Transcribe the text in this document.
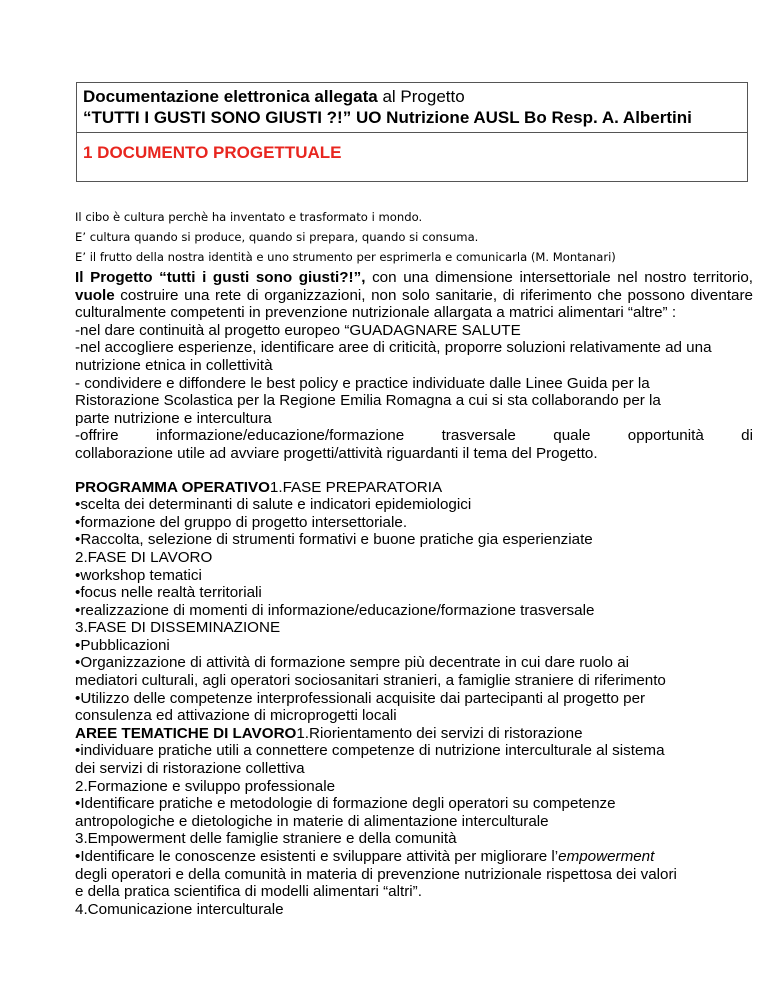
Documentazione elettronica allegata al Progetto
“TUTTI I GUSTI SONO GIUSTI ?!” UO Nutrizione AUSL Bo Resp. A. Albertini
1 DOCUMENTO PROGETTUALE
Il cibo è cultura perchè ha inventato e trasformato i mondo.
E’ cultura quando si produce, quando si prepara, quando si consuma.
E’ il frutto della nostra identità e uno strumento per esprimerla e comunicarla (M. Montanari)

Il Progetto “tutti i gusti sono giusti?!”, con una dimensione intersettoriale nel nostro territorio, vuole costruire una rete di organizzazioni, non solo sanitarie, di riferimento che possono diventare culturalmente competenti in prevenzione nutrizionale allargata a matrici alimentari “altre” :

-nel dare continuità al progetto europeo “GUADAGNARE SALUTE

-nel accogliere esperienze, identificare aree di criticità, proporre soluzioni relativamente ad una nutrizione etnica in collettività

- condividere e diffondere le best policy e practice individuate dalle Linee Guida per la

Ristorazione Scolastica per la Regione Emilia Romagna a cui si sta collaborando per la

parte nutrizione e intercultura

-offrire informazione/educazione/formazione trasversale quale opportunità di

collaborazione utile ad avviare progetti/attività riguardanti il tema del Progetto.

PROGRAMMA OPERATIVO1.FASE PREPARATORIA

•scelta dei determinanti di salute e indicatori epidemiologici

•formazione del gruppo di progetto intersettoriale.

•Raccolta, selezione di strumenti formativi e buone pratiche gia esperienziate

2.FASE DI LAVORO

•workshop tematici

•focus nelle realtà territoriali

•realizzazione di momenti di informazione/educazione/formazione trasversale

3.FASE DI DISSEMINAZIONE

•Pubblicazioni

•Organizzazione di attività di formazione sempre più decentrate in cui dare ruolo ai

mediatori culturali, agli operatori sociosanitari stranieri, a famiglie straniere di riferimento

•Utilizzo delle competenze interprofessionali acquisite dai partecipanti al progetto per

consulenza ed attivazione di microprogetti locali

AREE TEMATICHE DI LAVORO1.Riorientamento dei servizi di ristorazione

•individuare pratiche utili a connettere competenze di nutrizione interculturale al sistema

dei servizi di ristorazione collettiva

2.Formazione e sviluppo professionale

•Identificare pratiche e metodologie di formazione degli operatori su competenze

antropologiche e dietologiche in materie di alimentazione interculturale

3.Empowerment delle famiglie straniere e della comunità

•Identificare le conoscenze esistenti e sviluppare attività per migliorare l’empowerment

degli operatori e della comunità in materia di prevenzione nutrizionale rispettosa dei valori

e della pratica scientifica di modelli alimentari “altri”.

4.Comunicazione interculturale
